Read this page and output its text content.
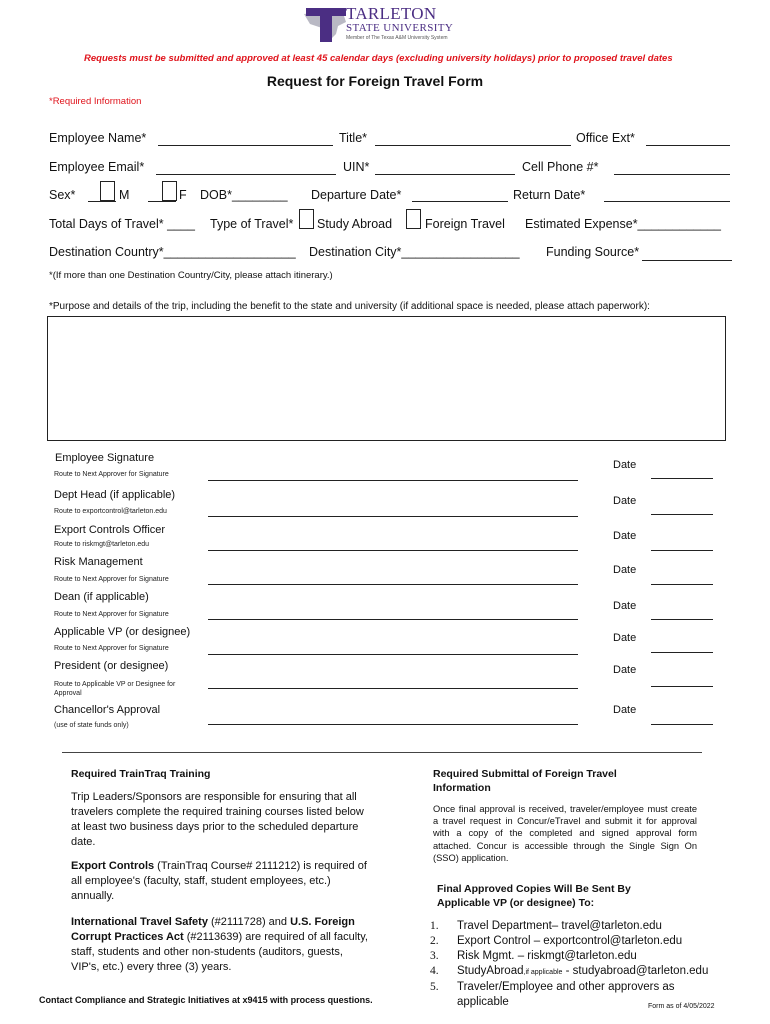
TARLETON
STATE UNIVERSITY
Member of The Texas A&M University System
Requests must be submitted and approved at least 45 calendar days (excluding university holidays) prior to proposed travel dates
Request for Foreign Travel Form
*Required Information
Employee Name*	Title*	Office Ext*
Employee Email*	UIN*	Cell Phone #*
Sex*	M	F DOB*________ Departure Date*	Return Date*
Total Days of Travel* ____ Type of Travel* Study Abroad	Foreign Travel Estimated Expense*____________
Destination Country*___________________ Destination City*_________________ Funding Source*
*(If more than one Destination Country/City, please attach itinerary.)
*Purpose and details of the trip, including the benefit to the state and university (if additional space is needed, please attach paperwork):
Employee Signature
Route to Next Approver for Signature
Date
Dept Head (if applicable)
Route to exportcontrol@tarleton.edu
Date
Export Controls Officer
Route to riskmgt@tarleton.edu
Date
Risk Management
Route to Next Approver for Signature
Date
Dean (if applicable)
Route to Next Approver for Signature
Date
Applicable VP (or designee)
Route to Next Approver for Signature
Date
President (or designee)
Route to Applicable VP or Designee for Approval
Date
Chancellor's Approval
(use of state funds only)
Date
Required TrainTraq Training
Trip Leaders/Sponsors are responsible for ensuring that all travelers complete the required training courses listed below at least two business days prior to the scheduled departure date.
Export Controls (TrainTraq Course# 2111212) is required of all employee's (faculty, staff, student employees, etc.) annually.
International Travel Safety (#2111728) and U.S. Foreign Corrupt Practices Act (#2113639) are required of all faculty, staff, students and other non-students (auditors, guests, VIP's, etc.) every three (3) years.
Required Submittal of Foreign Travel Information
Once final approval is received, traveler/employee must create a travel request in Concur/eTravel and submit it for approval with a copy of the completed and signed approval form attached. Concur is accessible through the Single Sign On (SSO) application.
Final Approved Copies Will Be Sent By Applicable VP (or designee) To:
1. Travel Department– travel@tarleton.edu
2. Export Control – exportcontrol@tarleton.edu
3. Risk Mgmt. – riskmgt@tarleton.edu
4. StudyAbroad,if applicable - studyabroad@tarleton.edu
5.	Traveler/Employee and other approvers as applicable
Contact Compliance and Strategic Initiatives at x9415 with process questions.
Form as of 4/05/2022
